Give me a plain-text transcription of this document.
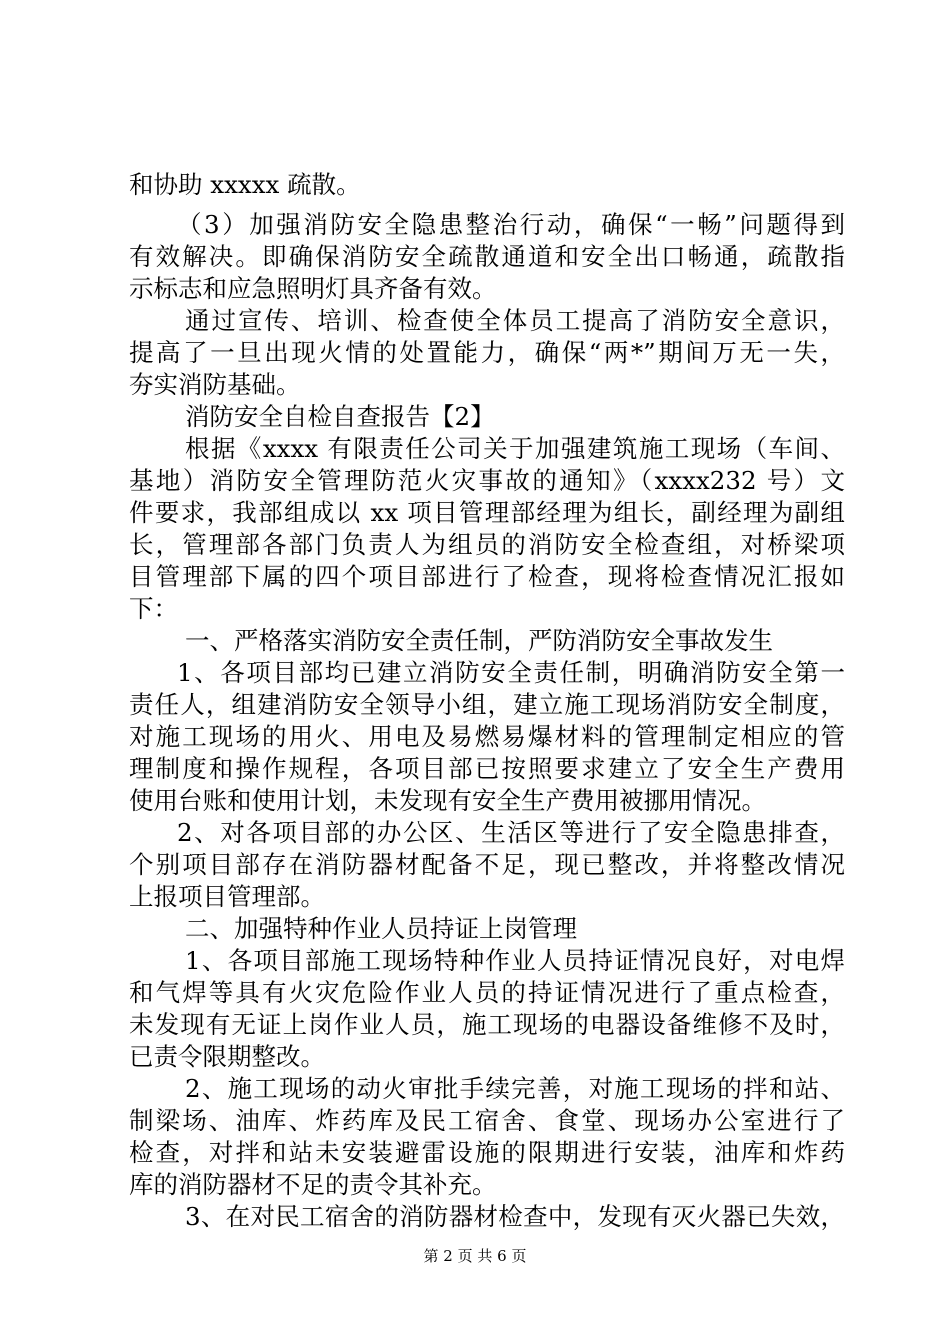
和协助 xxxxx 疏散。
（3）加强消防安全隐患整治行动，确保“一畅”问题得到
有效解决。即确保消防安全疏散通道和安全出口畅通，疏散指
示标志和应急照明灯具齐备有效。
通过宣传、培训、检查使全体员工提高了消防安全意识，
提高了一旦出现火情的处置能力，确保“两*”期间万无一失，
夯实消防基础。
消防安全自检自查报告【2】
根据《xxxx 有限责任公司关于加强建筑施工现场（车间、
基地）消防安全管理防范火灾事故的通知》（xxxx232 号）文
件要求，我部组成以 xx 项目管理部经理为组长，副经理为副组
长，管理部各部门负责人为组员的消防安全检查组，对桥梁项
目管理部下属的四个项目部进行了检查，现将检查情况汇报如
下：
一、严格落实消防安全责任制，严防消防安全事故发生
1、各项目部均已建立消防安全责任制，明确消防安全第一
责任人，组建消防安全领导小组，建立施工现场消防安全制度，
对施工现场的用火、用电及易燃易爆材料的管理制定相应的管
理制度和操作规程，各项目部已按照要求建立了安全生产费用
使用台账和使用计划，未发现有安全生产费用被挪用情况。
2、对各项目部的办公区、生活区等进行了安全隐患排查，
个别项目部存在消防器材配备不足，现已整改，并将整改情况
上报项目管理部。
二、加强特种作业人员持证上岗管理
1、各项目部施工现场特种作业人员持证情况良好，对电焊
和气焊等具有火灾危险作业人员的持证情况进行了重点检查，
未发现有无证上岗作业人员，施工现场的电器设备维修不及时，
已责令限期整改。
2、施工现场的动火审批手续完善，对施工现场的拌和站、
制梁场、油库、炸药库及民工宿舍、食堂、现场办公室进行了
检查，对拌和站未安装避雷设施的限期进行安装，油库和炸药
库的消防器材不足的责令其补充。
3、在对民工宿舍的消防器材检查中，发现有灭火器已失效，
第 2 页 共 6 页
